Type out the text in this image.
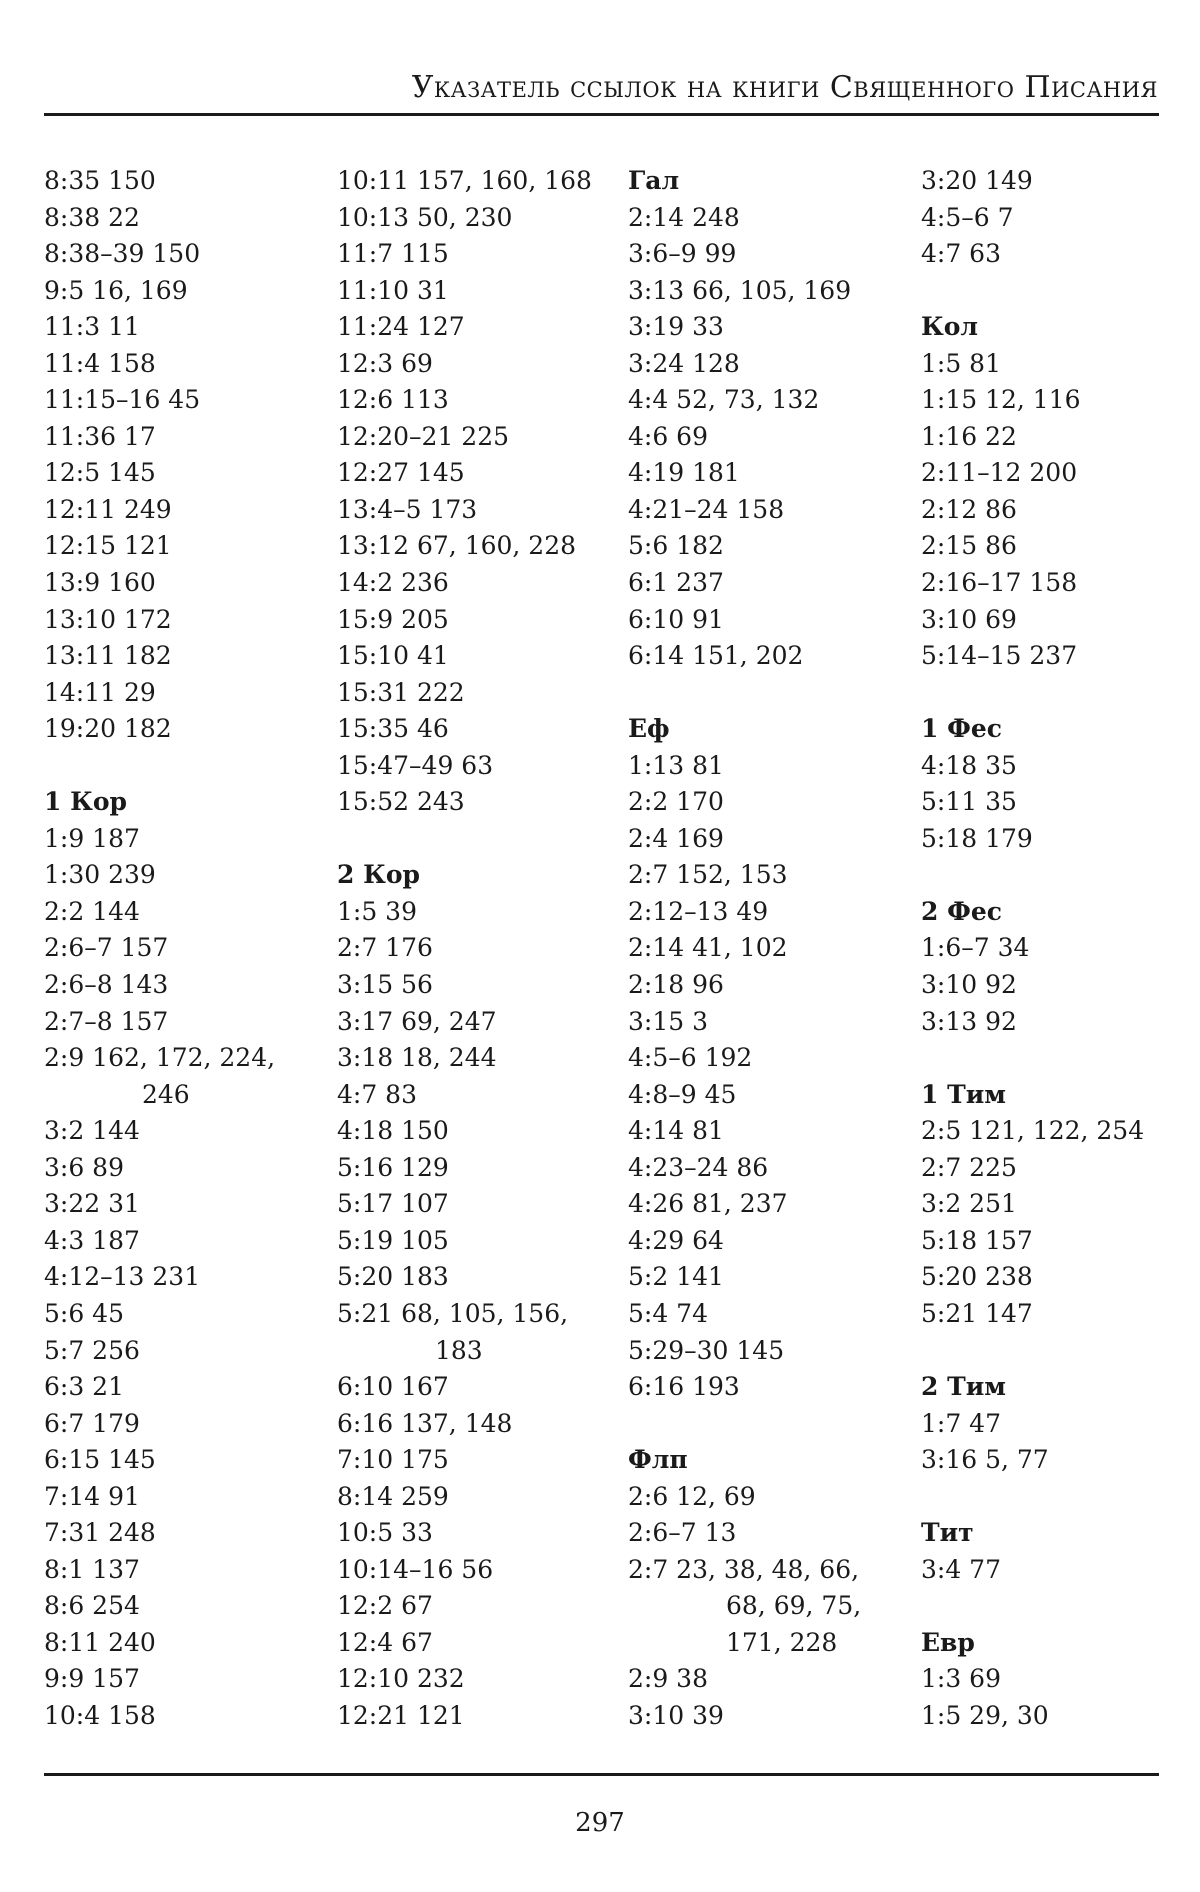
Указатель ссылок на книги Священного Писания
8:35 150
8:38 22
8:38–39 150
9:5 16, 169
11:3 11
11:4 158
11:15–16 45
11:36 17
12:5 145
12:11 249
12:15 121
13:9 160
13:10 172
13:11 182
14:11 29
19:20 182
1 Кор
1:9 187
1:30 239
2:2 144
2:6–7 157
2:6–8 143
2:7–8 157
2:9 162, 172, 224,
246
3:2 144
3:6 89
3:22 31
4:3 187
4:12–13 231
5:6 45
5:7 256
6:3 21
6:7 179
6:15 145
7:14 91
7:31 248
8:1 137
8:6 254
8:11 240
9:9 157
10:4 158
10:11 157, 160, 168
10:13 50, 230
11:7 115
11:10 31
11:24 127
12:3 69
12:6 113
12:20–21 225
12:27 145
13:4–5 173
13:12 67, 160, 228
14:2 236
15:9 205
15:10 41
15:31 222
15:35 46
15:47–49 63
15:52 243
2 Кор
1:5 39
2:7 176
3:15 56
3:17 69, 247
3:18 18, 244
4:7 83
4:18 150
5:16 129
5:17 107
5:19 105
5:20 183
5:21 68, 105, 156,
183
6:10 167
6:16 137, 148
7:10 175
8:14 259
10:5 33
10:14–16 56
12:2 67
12:4 67
12:10 232
12:21 121
Гал
2:14 248
3:6–9 99
3:13 66, 105, 169
3:19 33
3:24 128
4:4 52, 73, 132
4:6 69
4:19 181
4:21–24 158
5:6 182
6:1 237
6:10 91
6:14 151, 202
Еф
1:13 81
2:2 170
2:4 169
2:7 152, 153
2:12–13 49
2:14 41, 102
2:18 96
3:15 3
4:5–6 192
4:8–9 45
4:14 81
4:23–24 86
4:26 81, 237
4:29 64
5:2 141
5:4 74
5:29–30 145
6:16 193
Флп
2:6 12, 69
2:6–7 13
2:7 23, 38, 48, 66,
68, 69, 75,
171, 228
2:9 38
3:10 39
3:20 149
4:5–6 7
4:7 63
Кол
1:5 81
1:15 12, 116
1:16 22
2:11–12 200
2:12 86
2:15 86
2:16–17 158
3:10 69
5:14–15 237
1 Фес
4:18 35
5:11 35
5:18 179
2 Фес
1:6–7 34
3:10 92
3:13 92
1 Тим
2:5 121, 122, 254
2:7 225
3:2 251
5:18 157
5:20 238
5:21 147
2 Тим
1:7 47
3:16 5, 77
Тит
3:4 77
Евр
1:3 69
1:5 29, 30
297
